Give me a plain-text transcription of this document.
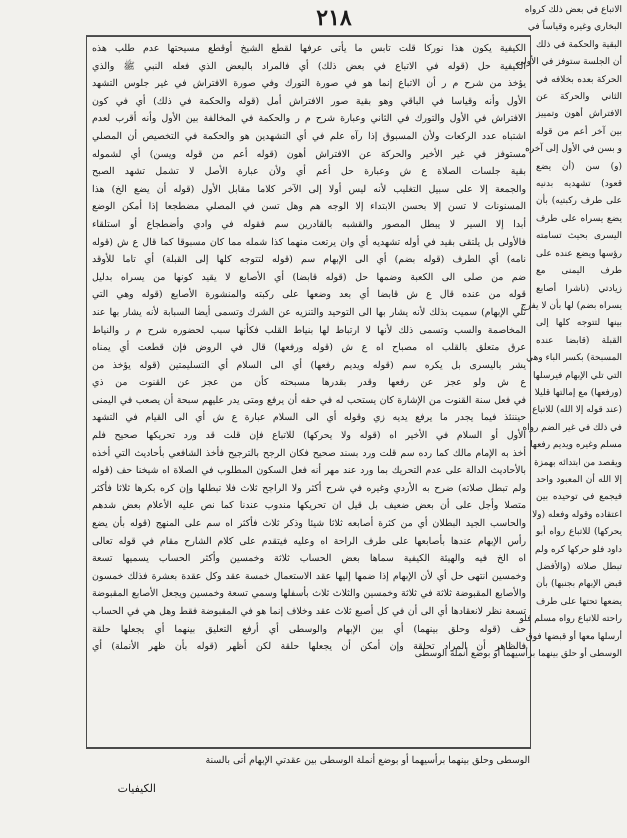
٢١٨	الاتباع في بعض ذلك كرواه
البخاري وغيره وقياساً في
البقية ‌والحكمة في ذلك
أن الجلسة ستوفز في الأولى
الحركة بعده بخلافه في
الثاني والحركة عن
الافتراش أهون وتمييز
بين آخر أعم من قوله
و بسن في الأول إلى آخره
(و) سن (أن يضع
قعود) تشهديه بدنيه
على طرف ركبتيه) بأن
يضع يسراه على طرف
اليسرى بحيث تسامته
رؤسها ويضع عنده على
طرف اليمنى مع
زيادتي (ناشرا أصابع
يسراه بضم) لها بأن لا يفرج
بينها لتتوجه كلها إلى
القبلة (قابضا عنده
المسبحة) بكسر الباء وهي
التي تلي الإبهام فيرسلها
(ورفعها) مع إمالتها قليلا
(عند قوله إلا الله) للاتباع
في ذلك في غير الضم رواه
مسلم وغيره ويديم رفعها
ويقصد من ابتدائه بهمزة
إلا الله أن المعبود واحد
فيجمع في توحيده بين
اعتقاده وقوله وفعله (ولا
يحركها) للاتباع رواه أبو
داود فلو حركها كره ولم
تبطل صلاته (والأفضل
قبض الإبهام بجنبها) بأن
يضعها تحتها على طرف
راحته للاتباع رواه مسلم فلو
أرسلها معها أو قبضها فوق
الوسطى أو حلق بينهما برأسيهما أو بوضع أنملة الوسطى
الكيفية يكون هذا نوركا قلت تابس ما يأتى عرفها لقطع الشيخ أوقطع مسيحتها عدم طلب هذه
الكيفية حل (قوله في الاتباع في بعض ذلك) أي فالمراد بالبعض الذي فعله النبي ﷺ والذي
يؤخذ من شرح م ر أن الاتباع إنما هو في صورة التورك وفي صورة الافتراش في غير جلوس التشهد
الأول وأنه وقياسا في الباقي وهو بقية صور الافتراش أمل (قوله والحكمة في ذلك) أي في كون
الافتراش في الأول والتورك في الثاني وعبارة شرح م ر والحكمة في المخالفة بين الأول وأنه أقرب لعدم
اشتباه عدد الركعات ولأن المسبوق إذا رآه علم في أي التشهدين هو والحكمة في التخصيص أن المصلي
مستوفز في غير الأخير والحركة عن الافتراش أهون (قوله أعم من قوله ويسن) أي لشموله
بقية جلسات الصلاة ع ش وعبارة حل أعم أي ولأن عبارة الأصل لا تشمل تشهد الصبح
والجمعة إلا على سبيل التغليب لأنه ليس أولا إلى الآخر كلاما مقابل الأول (قوله أن يضع الخ) هذا
المسنونات لا تسن إلا بحسن الابتداء إلا الوجه هم وهل تسن في المصلي مضطجعا إذا أمكن الوضع
أبدا إلا السير لا يبطل المصور والقشبه بالقادرين سم فقوله في وادي وأضطجاع أو استلقاء
فالأولى بل يلتقى بقيد في أوله تشهديه أي وان يرتعت منهما كذا شمله مما كان مسبوقا كما قال ع ش (قوله
نامه) أي الطرف (قوله بضم) أي الى الإبهام سم (قوله لتتوجه كلها إلى القبلة) أي تاما للأوقد
ضم من صلى الى الكعبة وضمها حل (قوله قابضا) أي الأصابع لا يقيد كونها من يسراه بدليل
قوله من عنده قال ع ش قابضا أي بعد وضعها على ركبته والمنشورة الأصابع (قوله وهي التي
تلي الإبهام) سميت بذلك لأنه يشار بها الى التوحيد والتنزيه عن الشرك وتسمى أيضا السبابة لأنه يشار بها عند
المخاصمة والسب وتسمى ذلك لأنها لا ارتباط لها بنياط القلب فكأنها سبب لحضوره شرح م ر والنياط
عرق متعلق بالقلب اه مصباح اه ع ش (قوله ورفعها) قال في الروض فإن قطعت أي يمناه
يشر باليسرى بل يكره سم (قوله ويديم رفعها) أي الى السلام أي التسليمتين (قوله يؤخذ من
ع ش ولو عجز عن رفعها وقدر بقدرها مسبحته كأن من عجز عن القنوت من ذي
في فعل سنة القنوت من الإشارة كان يستحب له في حقه أن يرفع ومتى يدر عليهم سبحة أن يصعب في اليمنى
حيننئذ فيما يجدر ما يرفع يديه زي وقوله أي الى السلام عبارة ع ش أي الى القيام في التشهد
الأول أو السلام في الأخير اه (قوله ولا يحركها) للاتباع فإن قلت قد ورد تحريكها صحيح فلم
أخذ به الإمام مالك كما رده سم قلت ورد بسند صحيح فكان الرجح بالترجيح فأخذ الشافعي بأحاديث التي أخذه
بالأحاديث الدالة على عدم التحريك بما ورد عند مهر أنه فعل السكون المطلوب في الصلاة اه شيخنا حف (قوله
ولم تبطل صلاته) ضرح به الأردي وغيره في شرح أكثر ولا الراجح ثلاث فلا تبطلها وإن كره بكرها ثلاثا فأكثر
متصلا وأجل على أن بعض ضعيف بل قيل ان تحريكها مندوب عندنا كما نص عليه الأعلام بعض شدهم
والحاسب الجيد البطلان أي من كثرة أصابعه ثلاثا شيئا وذكر ثلاث فأكثر اه سم على المنهج (قوله بأن يضع
رأس الإبهام عندها بأصابعها على طرف الراحة اه وعليه فيتقدم على كلام الشارح مقام في قوله تعالى
اه الخ فيه والهيئة الكيفية سماها بعض الحساب ثلاثة وخمسين وأكثر الحساب يسميها تسعة
وخمسين انتهى حل أي لأن الإبهام إذا ضمها إليها عقد الاستعمال خمسة عقد وكل عقدة بعشرة فذلك خمسون
والأصابع المقبوضة ثلاثة في ثلاثة وخمسين والثلاث ثلاث بأسفلها وسمي تسعة وخمسين ويجعل الأصابع المقبوضة
تسعة نظر لانعقادها أي الى أن في كل أصبع ثلاث عقد وخلاف إنما هو في المقبوضة فقط وهل هي في الحساب
حف (قوله وحلق بينهما) أي بين الإبهام والوسطى أي أرفع التعليق بينهما أي يجعلها حلقة
فالظاهر أن المراد تحلقة وإن أمكن أن يجعلها حلقة لكن أظهر (قوله بأن ظهر الأنملة) أي
الوسطى وحلق بينهما برأسيهما أو بوضع أنملة الوسطى بين عقدتي الإبهام أتى بالسنة
الكيفيات
